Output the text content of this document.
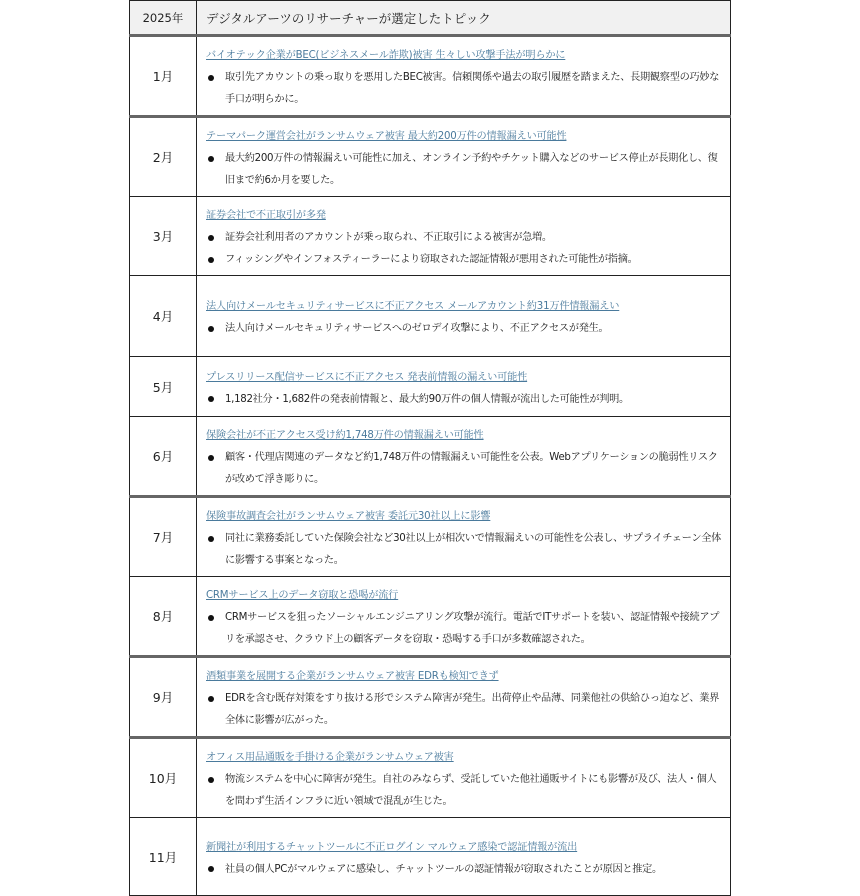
2025年	デジタルアーツのリサーチャーが選定したトピック
1月	バイオテック企業がBEC(ビジネスメール詐欺)被害 生々しい攻撃手法が明らかに
取引先アカウントの乗っ取りを悪用したBEC被害。信頼関係や過去の取引履歴を踏まえた、長期観察型の巧妙な手口が明らかに。

2月	テーマパーク運営会社がランサムウェア被害 最大約200万件の情報漏えい可能性
最大約200万件の情報漏えい可能性に加え、オンライン予約やチケット購入などのサービス停止が長期化し、復旧まで約6か月を要した。

3月	証券会社で不正取引が多発
証券会社利用者のアカウントが乗っ取られ、不正取引による被害が急増。
フィッシングやインフォスティーラーにより窃取された認証情報が悪用された可能性が指摘。

4月	法人向けメールセキュリティサービスに不正アクセス メールアカウント約31万件情報漏えい
法人向けメールセキュリティサービスへのゼロデイ攻撃により、不正アクセスが発生。

5月	プレスリリース配信サービスに不正アクセス 発表前情報の漏えい可能性
1,182社分・1,682件の発表前情報と、最大約90万件の個人情報が流出した可能性が判明。

6月	保険会社が不正アクセス受け約1,748万件の情報漏えい可能性
顧客・代理店関連のデータなど約1,748万件の情報漏えい可能性を公表。Webアプリケーションの脆弱性リスクが改めて浮き彫りに。

7月	保険事故調査会社がランサムウェア被害 委託元30社以上に影響
同社に業務委託していた保険会社など30社以上が相次いで情報漏えいの可能性を公表し、サプライチェーン全体に影響する事案となった。

8月	CRMサービス上のデータ窃取と恐喝が流行
CRMサービスを狙ったソーシャルエンジニアリング攻撃が流行。電話でITサポートを装い、認証情報や接続アプリを承認させ、クラウド上の顧客データを窃取・恐喝する手口が多数確認された。

9月	酒類事業を展開する企業がランサムウェア被害 EDRも検知できず
EDRを含む既存対策をすり抜ける形でシステム障害が発生。出荷停止や品薄、同業他社の供給ひっ迫など、業界全体に影響が広がった。

10月	オフィス用品通販を手掛ける企業がランサムウェア被害
物流システムを中心に障害が発生。自社のみならず、受託していた他社通販サイトにも影響が及び、法人・個人を問わず生活インフラに近い領域で混乱が生じた。

11月	新聞社が利用するチャットツールに不正ログイン マルウェア感染で認証情報が流出
社員の個人PCがマルウェアに感染し、チャットツールの認証情報が窃取されたことが原因と推定。
